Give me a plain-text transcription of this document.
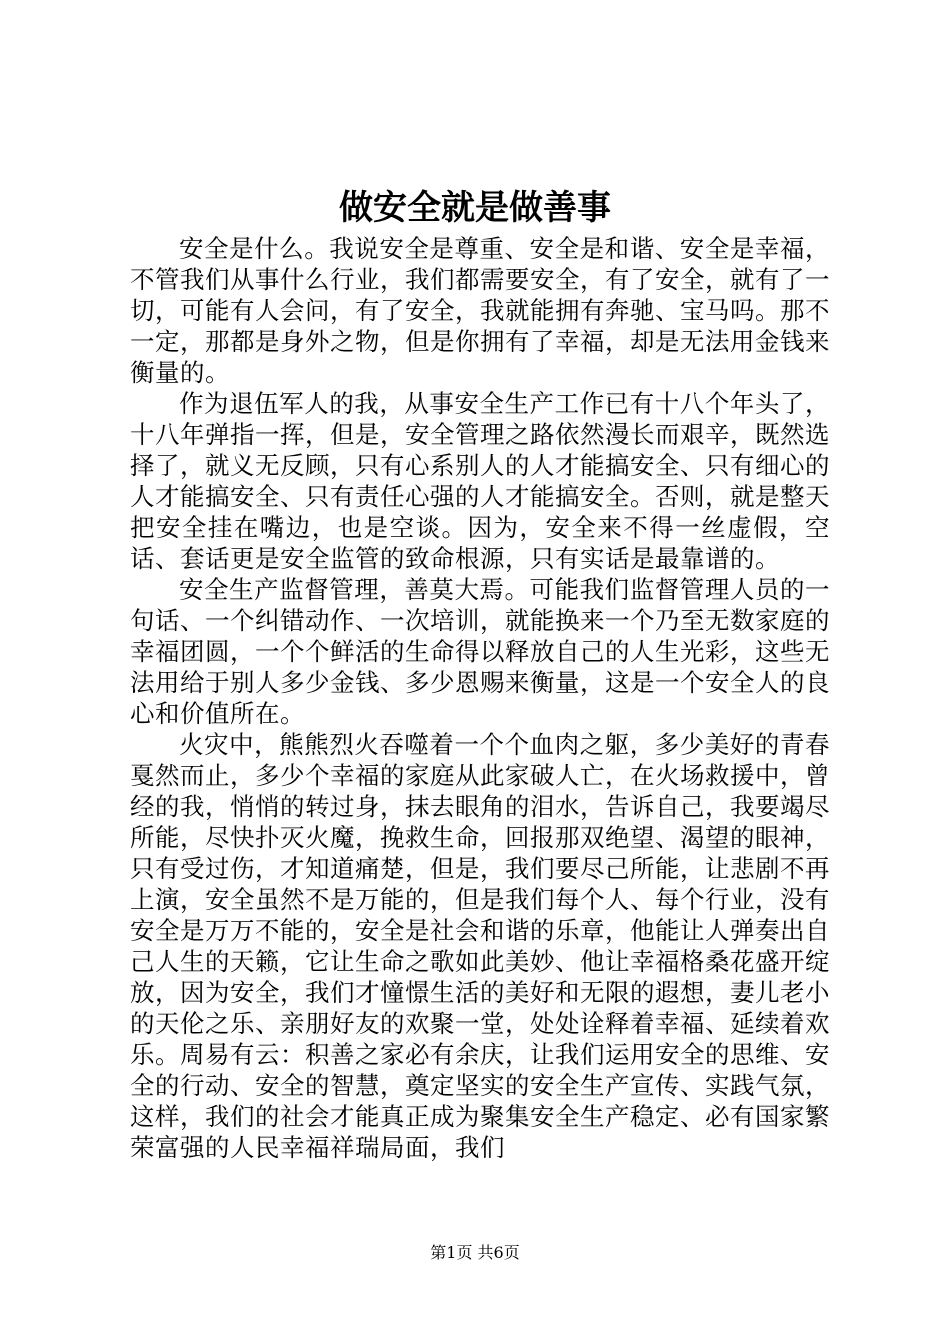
做安全就是做善事

安全是什么。我说安全是尊重、安全是和谐、安全是幸福，不管我们从事什么行业，我们都需要安全，有了安全，就有了一切，可能有人会问，有了安全，我就能拥有奔驰、宝马吗。那不一定，那都是身外之物，但是你拥有了幸福，却是无法用金钱来衡量的。

作为退伍军人的我，从事安全生产工作已有十八个年头了，十八年弹指一挥，但是，安全管理之路依然漫长而艰辛，既然选择了，就义无反顾，只有心系别人的人才能搞安全、只有细心的人才能搞安全、只有责任心强的人才能搞安全。否则，就是整天把安全挂在嘴边，也是空谈。因为，安全来不得一丝虚假，空话、套话更是安全监管的致命根源，只有实话是最靠谱的。

安全生产监督管理，善莫大焉。可能我们监督管理人员的一句话、一个纠错动作、一次培训，就能换来一个乃至无数家庭的幸福团圆，一个个鲜活的生命得以释放自己的人生光彩，这些无法用给于别人多少金钱、多少恩赐来衡量，这是一个安全人的良心和价值所在。

火灾中，熊熊烈火吞噬着一个个血肉之躯，多少美好的青春戛然而止，多少个幸福的家庭从此家破人亡，在火场救援中，曾经的我，悄悄的转过身，抹去眼角的泪水，告诉自己，我要竭尽所能，尽快扑灭火魔，挽救生命，回报那双绝望、渴望的眼神，只有受过伤，才知道痛楚，但是，我们要尽己所能，让悲剧不再上演，安全虽然不是万能的，但是我们每个人、每个行业，没有安全是万万不能的，安全是社会和谐的乐章，他能让人弹奏出自己人生的天籁，它让生命之歌如此美妙、他让幸福格桑花盛开绽放，因为安全，我们才憧憬生活的美好和无限的遐想，妻儿老小的天伦之乐、亲朋好友的欢聚一堂，处处诠释着幸福、延续着欢乐。周易有云：积善之家必有余庆，让我们运用安全的思维、安全的行动、安全的智慧，奠定坚实的安全生产宣传、实践气氛，这样，我们的社会才能真正成为聚集安全生产稳定、必有国家繁荣富强的人民幸福祥瑞局面，我们

第1页 共6页
